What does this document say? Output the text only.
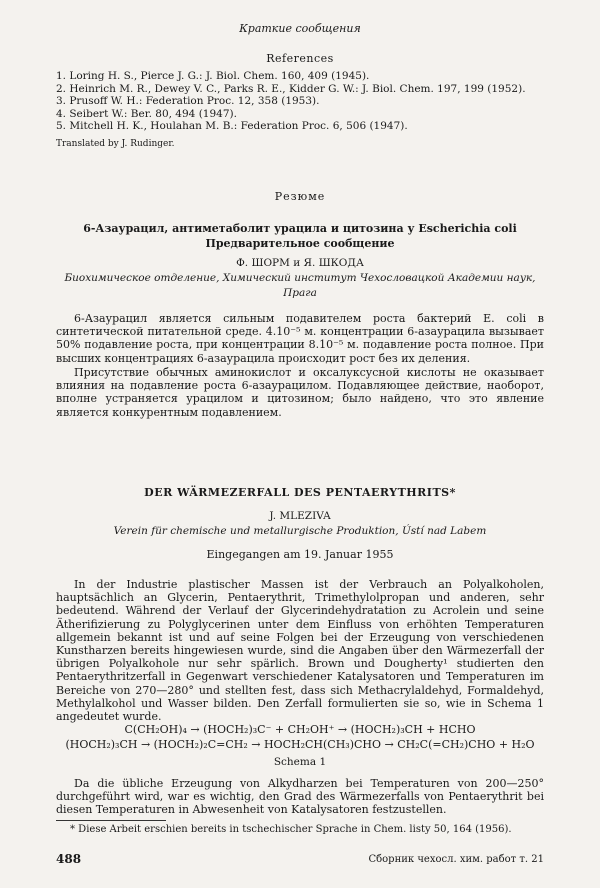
Краткие сообщения
References
1. Loring H. S., Pierce J. G.: J. Biol. Chem. 160, 409 (1945).
2. Heinrich M. R., Dewey V. C., Parks R. E., Kidder G. W.: J. Biol. Chem. 197, 199 (1952).
3. Prusoff W. H.: Federation Proc. 12, 358 (1953).
4. Seibert W.: Ber. 80, 494 (1947).
5. Mitchell H. K., Houlahan M. B.: Federation Proc. 6, 506 (1947).
Translated by J. Rudinger.
Резюме
6-Азаурацил, антиметаболит урацила и цитозина у Escherichia coli
Предварительное сообщение
Ф. ШОРМ и Я. ШКОДА
Биохимическое отделение, Химический институт Чехословацкой Академии наук,
Прага
6-Азаурацил является сильным подавителем роста бактерий E. coli в синтетической питательной среде. 4.10⁻⁵ м. концентрации 6-азаурацила вызывает 50% подавление роста, при концентрации 8.10⁻⁵ м. подавление роста полное. При высших концентрациях 6-азаурацила происходит рост без их деления.
Присутствие обычных аминокислот и оксалуксусной кислоты не оказывает влияния на подавление роста 6-азаурацилом. Подавляющее действие, наоборот, вполне устраняется урацилом и цитозином; было найдено, что это явление является конкурентным подавлением.
DER WÄRMEZERFALL DES PENTAERYTHRITS*
J. MLEZIVA
Verein für chemische und metallurgische Produktion, Ústí nad Labem
Eingegangen am 19. Januar 1955
In der Industrie plastischer Massen ist der Verbrauch an Polyalkoholen, hauptsächlich an Glycerin, Pentaerythrit, Trimethylolpropan und anderen, sehr bedeutend. Während der Verlauf der Glycerindehydratation zu Acrolein und seine Ätherifizierung zu Polyglycerinen unter dem Einfluss von erhöhten Temperaturen allgemein bekannt ist und auf seine Folgen bei der Erzeugung von verschiedenen Kunstharzen bereits hingewiesen wurde, sind die Angaben über den Wärmezerfall der übrigen Polyalkohole nur sehr spärlich. Brown und Dougherty¹ studierten den Pentaerythritzerfall in Gegenwart verschiedener Katalysatoren und Temperaturen im Bereiche von 270—280° und stellten fest, dass sich Methacrylaldehyd, Formaldehyd, Methylalkohol und Wasser bilden. Den Zerfall formulierten sie so, wie in Schema 1 angedeutet wurde.
C(CH₂OH)₄ → (HOCH₂)₃C⁻ + CH₂OH⁺ → (HOCH₂)₃CH + HCHO
(HOCH₂)₃CH → (HOCH₂)₂C=CH₂ → HOCH₂CH(CH₃)CHO → CH₂C(=CH₂)CHO + H₂O
Schema 1
Da die übliche Erzeugung von Alkydharzen bei Temperaturen von 200—250° durchgeführt wird, war es wichtig, den Grad des Wärmezerfalls von Pentaerythrit bei diesen Temperaturen in Abwesenheit von Katalysatoren festzustellen.
* Diese Arbeit erschien bereits in tschechischer Sprache in Chem. listy 50, 164 (1956).
488	Сборник чехосл. хим. работ т. 21
